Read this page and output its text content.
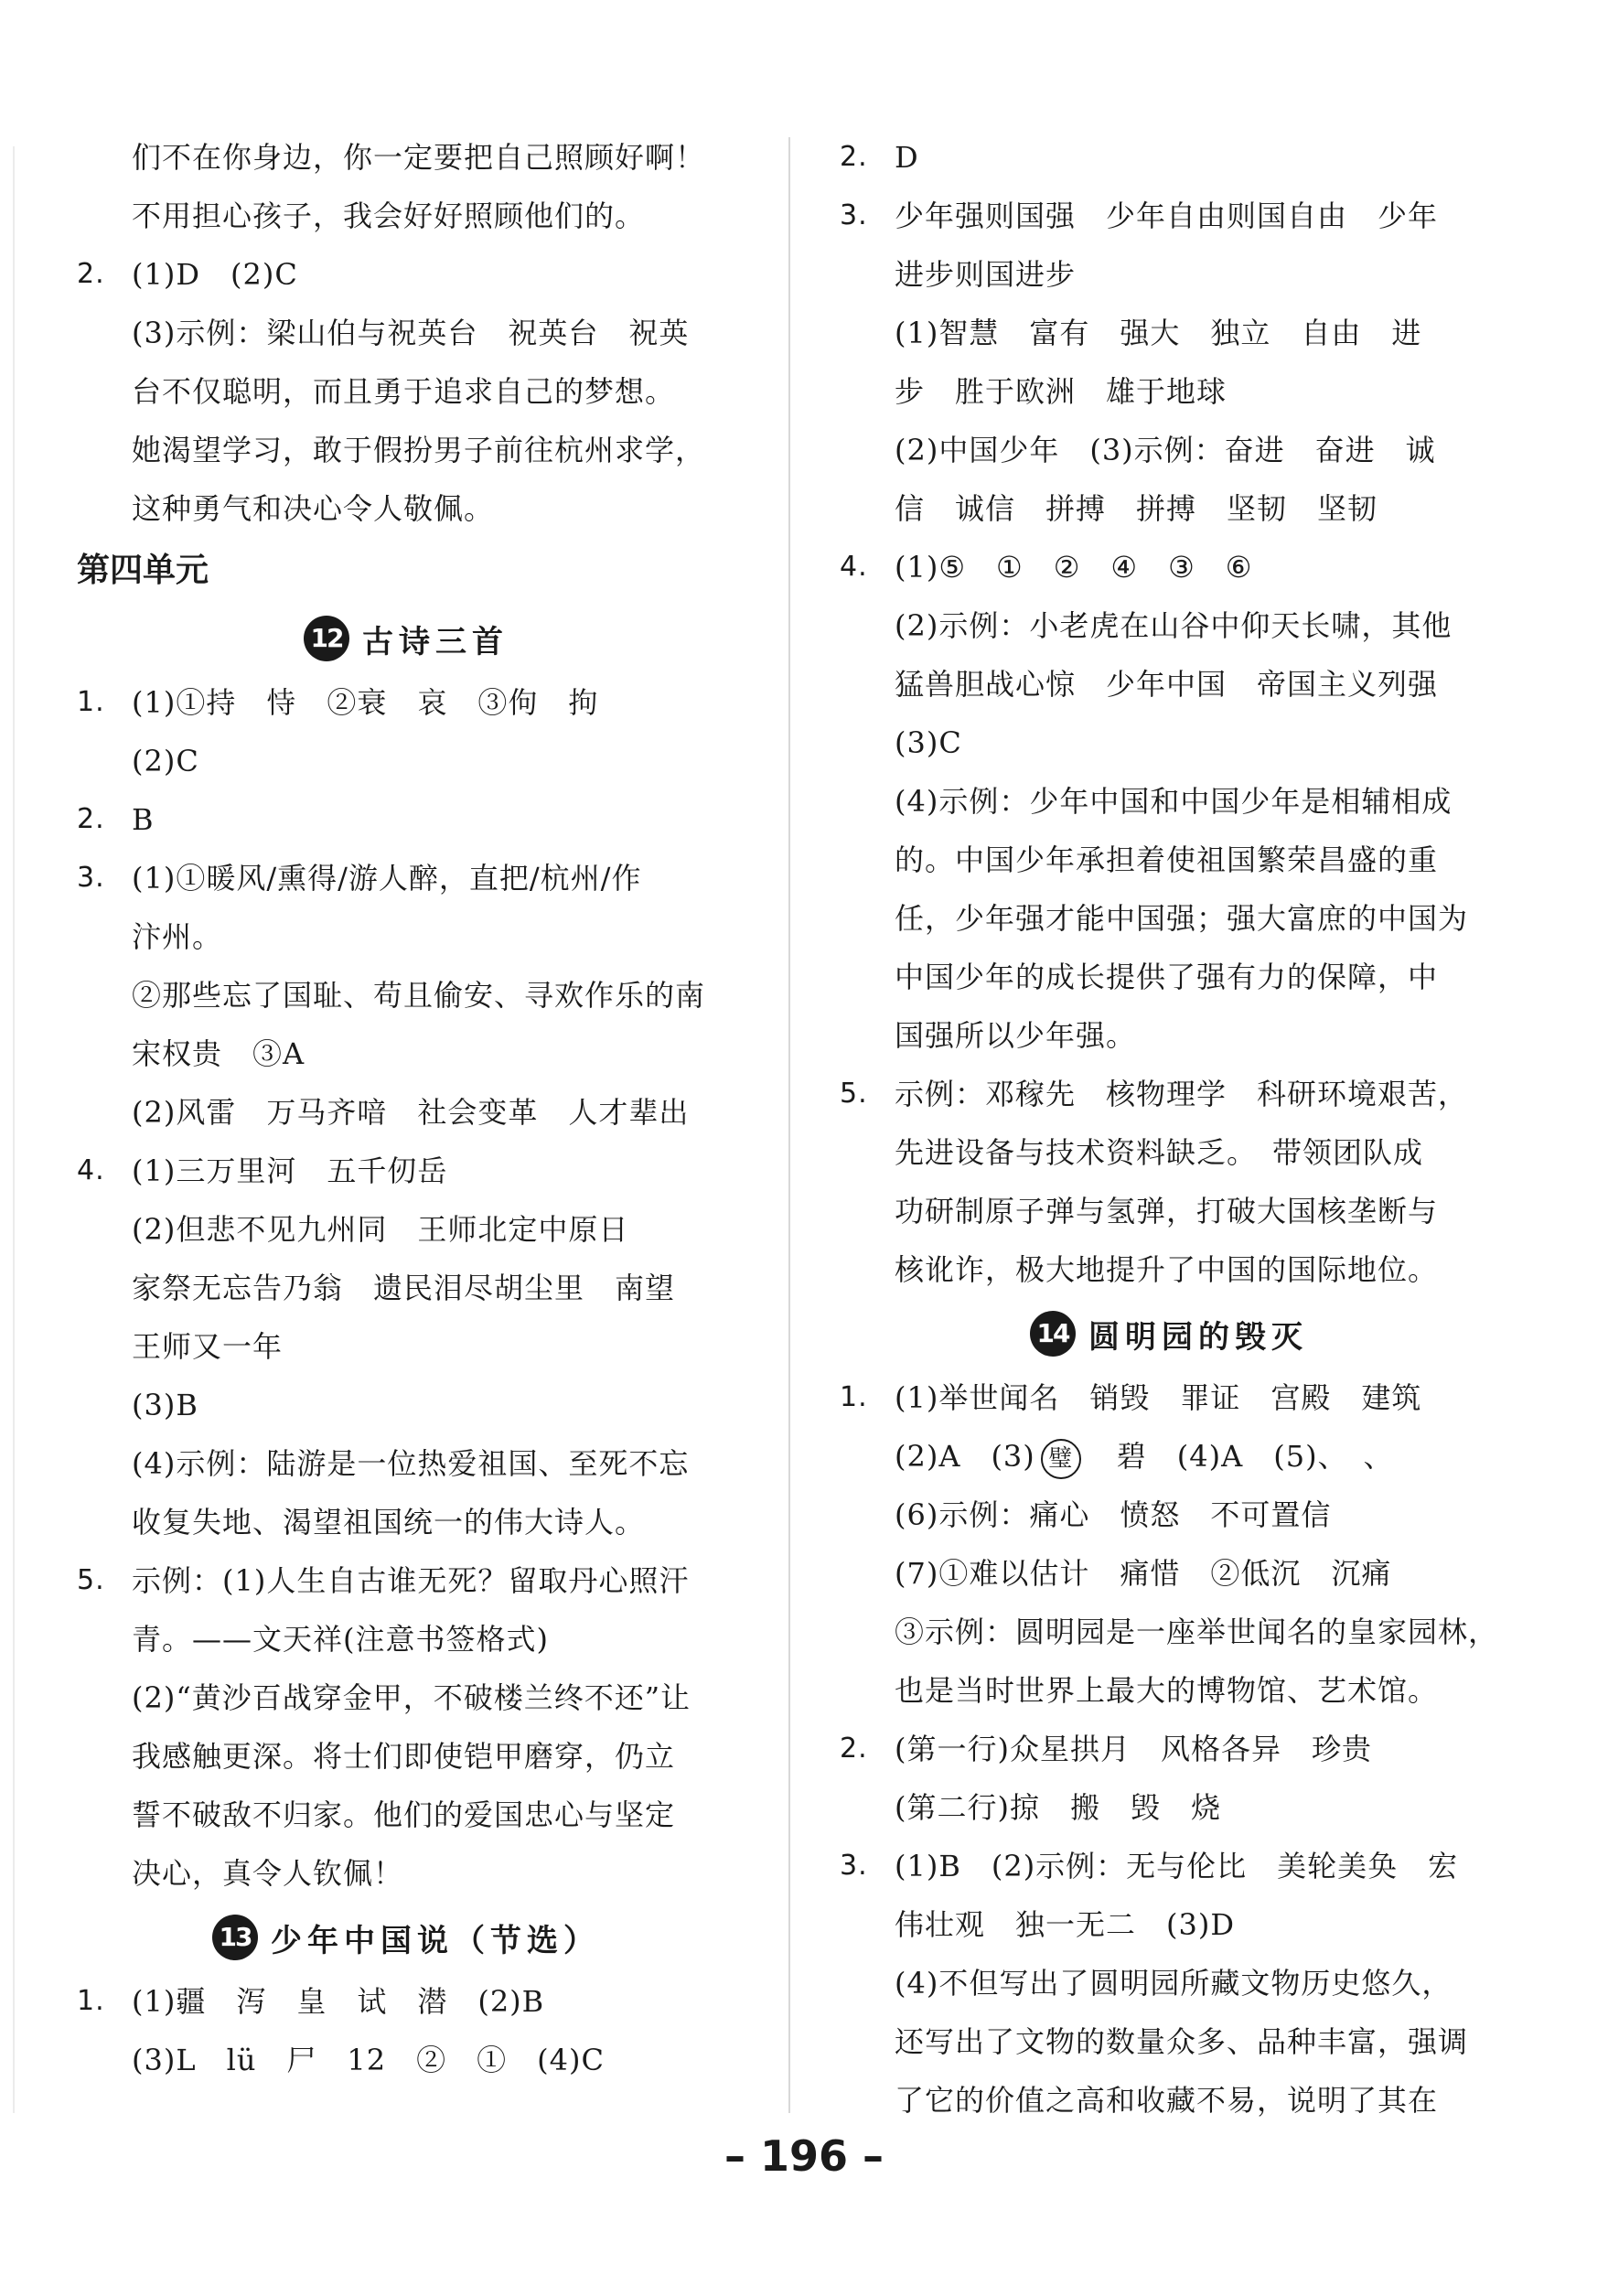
们不在你身边，你一定要把自己照顾好啊！
不用担心孩子，我会好好照顾他们的。
2. (1)D　(2)C
(3)示例：梁山伯与祝英台　祝英台　祝英
台不仅聪明，而且勇于追求自己的梦想。
她渴望学习，敢于假扮男子前往杭州求学，
这种勇气和决心令人敬佩。
第四单元
12 古诗三首
1. (1)①持　恃　②衰　哀　③佝　拘
(2)C
2. B
3. (1)①暖风/熏得/游人醉，直把/杭州/作
汴州。
②那些忘了国耻、苟且偷安、寻欢作乐的南
宋权贵　③A
(2)风雷　万马齐喑　社会变革　人才辈出
4. (1)三万里河　五千仞岳
(2)但悲不见九州同　王师北定中原日
家祭无忘告乃翁　遗民泪尽胡尘里　南望
王师又一年
(3)B
(4)示例：陆游是一位热爱祖国、至死不忘
收复失地、渴望祖国统一的伟大诗人。
5. 示例：(1)人生自古谁无死？留取丹心照汗
青。——文天祥(注意书签格式)
(2)“黄沙百战穿金甲，不破楼兰终不还”让
我感触更深。将士们即使铠甲磨穿，仍立
誓不破敌不归家。他们的爱国忠心与坚定
决心，真令人钦佩！
13 少年中国说（节选）
1. (1)疆　泻　皇　试　潜　(2)B
(3)L　lü　尸　12　②　①　(4)C
2. D
3. 少年强则国强　少年自由则国自由　少年
进步则国进步
(1)智慧　富有　强大　独立　自由　进
步　胜于欧洲　雄于地球
(2)中国少年　(3)示例：奋进　奋进　诚
信　诚信　拼搏　拼搏　坚韧　坚韧
4. (1)⑤　①　②　④　③　⑥
(2)示例：小老虎在山谷中仰天长啸，其他
猛兽胆战心惊　少年中国　帝国主义列强
(3)C
(4)示例：少年中国和中国少年是相辅相成
的。中国少年承担着使祖国繁荣昌盛的重
任，少年强才能中国强；强大富庶的中国为
中国少年的成长提供了强有力的保障，中
国强所以少年强。
5. 示例：邓稼先　核物理学　科研环境艰苦，
先进设备与技术资料缺乏。　带领团队成
功研制原子弹与氢弹，打破大国核垄断与
核讹诈，极大地提升了中国的国际地位。
14 圆明园的毁灭
1. (1)举世闻名　销毁　罪证　宫殿　建筑
(2)A　(3) 璧　碧　(4)A　(5)、　、
(6)示例：痛心　愤怒　不可置信
(7)①难以估计　痛惜　②低沉　沉痛
③示例：圆明园是一座举世闻名的皇家园林，
也是当时世界上最大的博物馆、艺术馆。
2. (第一行)众星拱月　风格各异　珍贵
(第二行)掠　搬　毁　烧
3. (1)B　(2)示例：无与伦比　美轮美奂　宏
伟壮观　独一无二　(3)D
(4)不但写出了圆明园所藏文物历史悠久，
还写出了文物的数量众多、品种丰富，强调
了它的价值之高和收藏不易，说明了其在
– 196 –
